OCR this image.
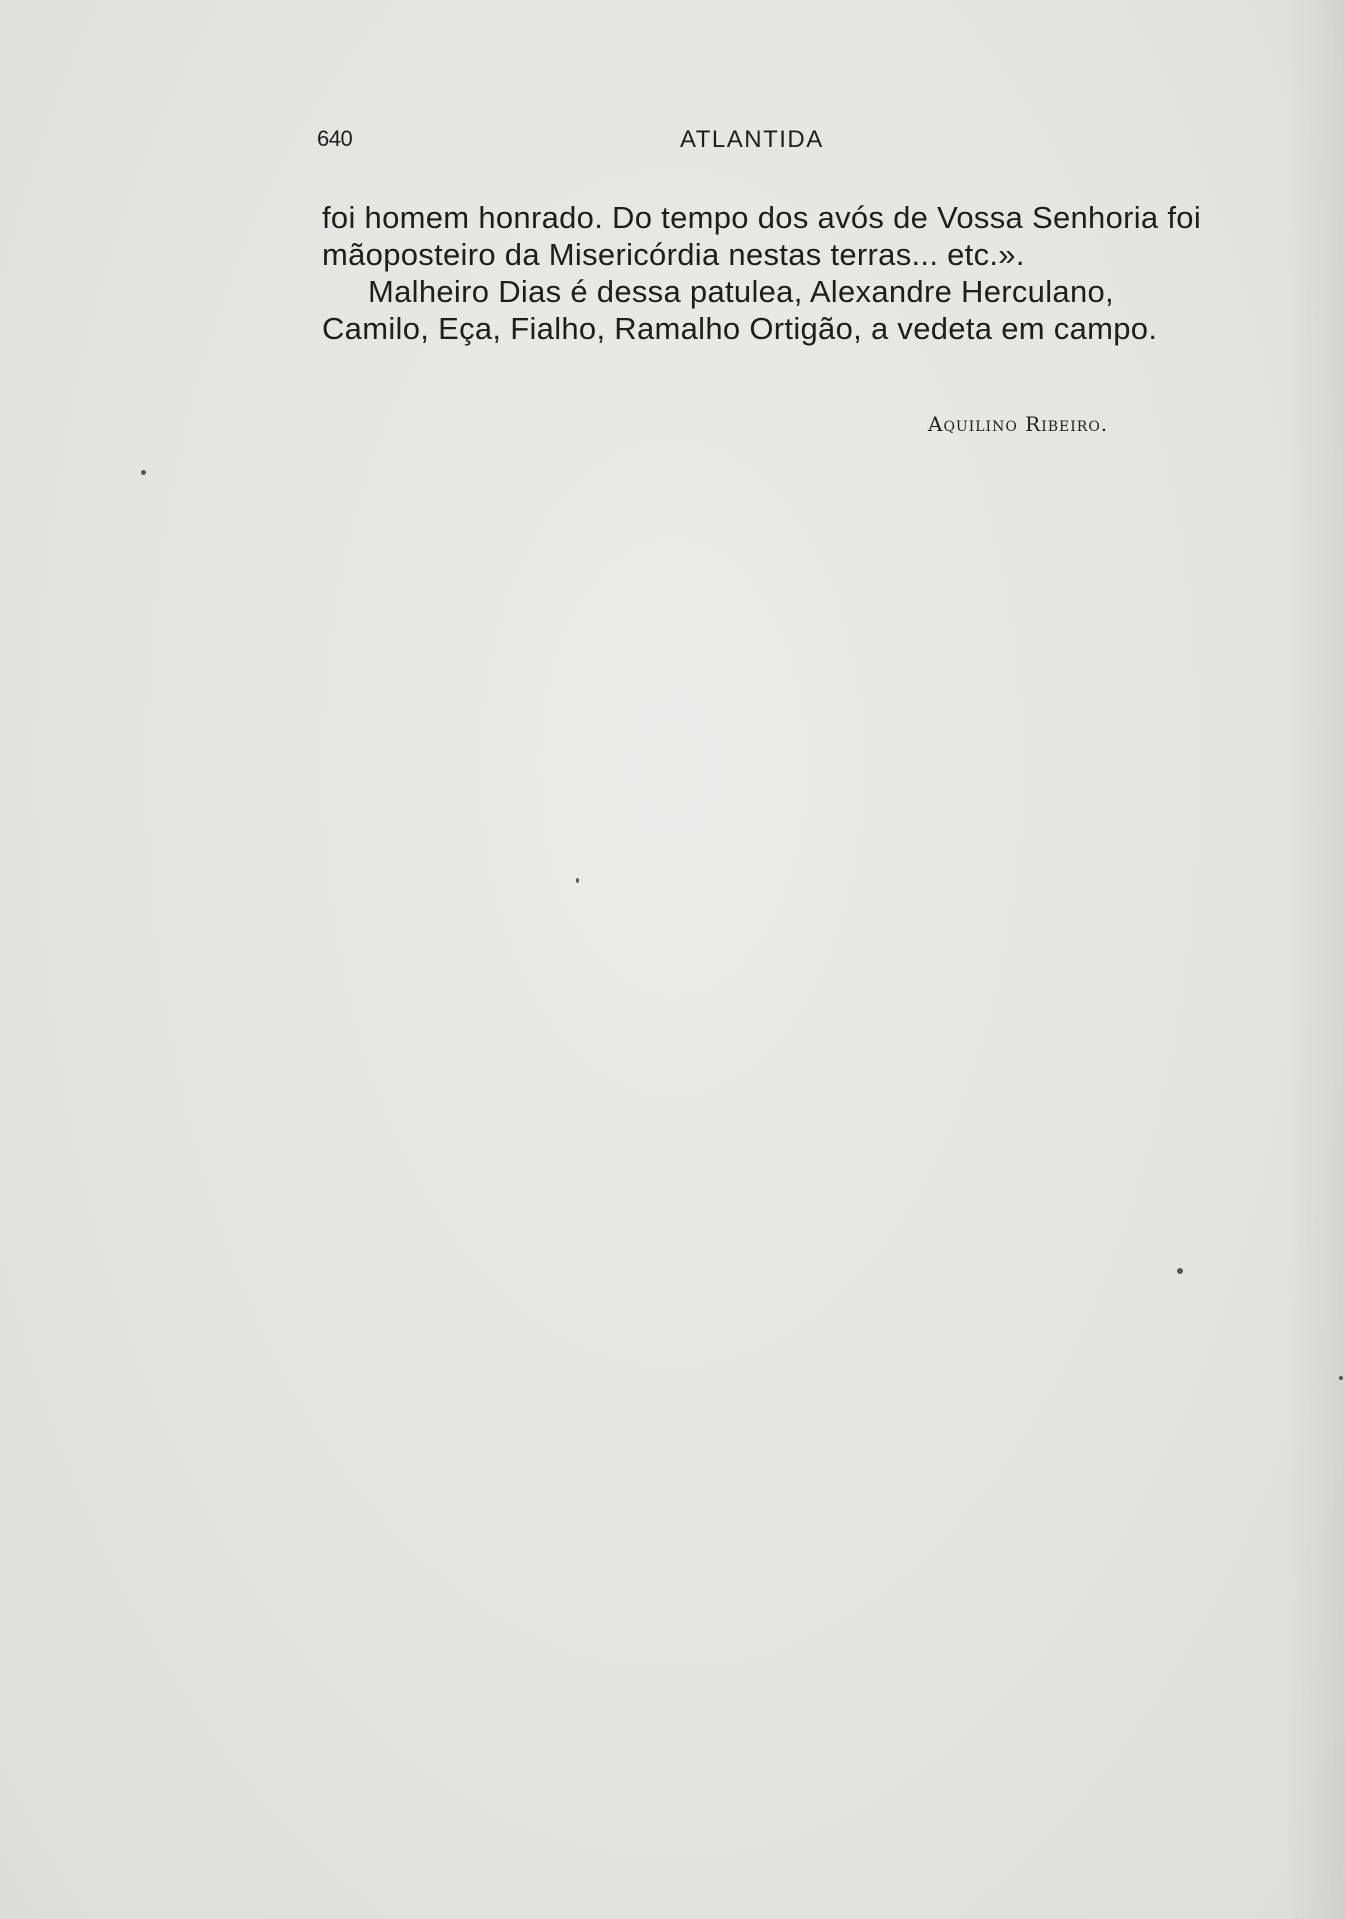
640	ATLANTIDA

foi homem honrado. Do tempo dos avós de Vossa Senhoria foi mãoposteiro da Misericórdia nestas terras... etc.».

Malheiro Dias é dessa patulea, Alexandre Herculano, Camilo, Eça, Fialho, Ramalho Ortigão, a vedeta em campo.

Aquilino Ribeiro.
